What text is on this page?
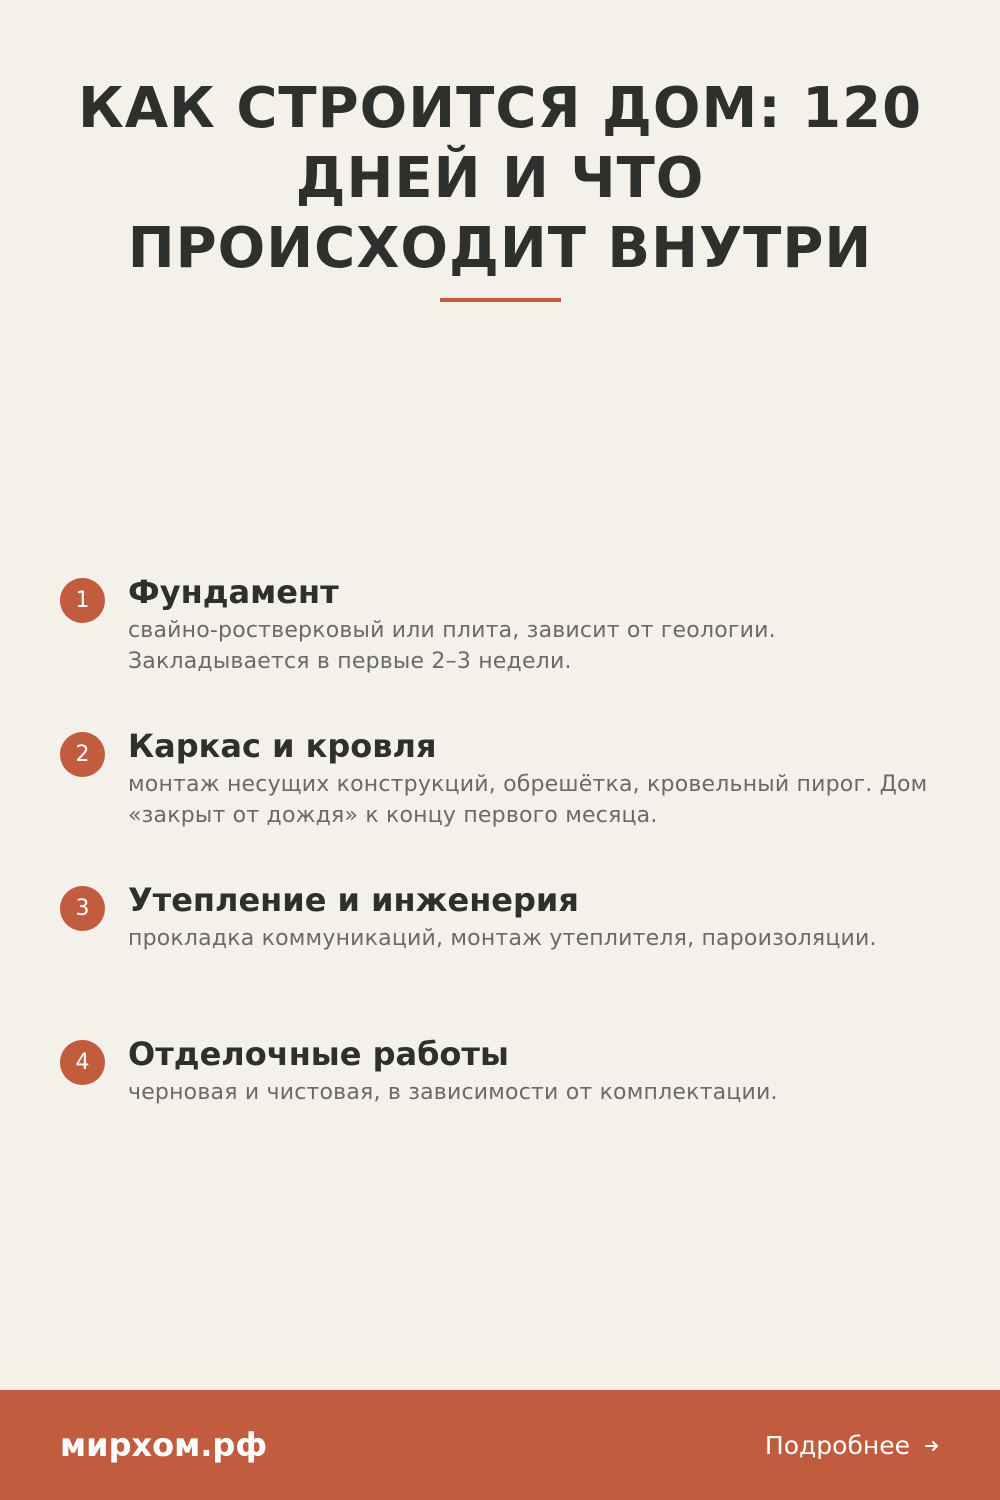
КАК СТРОИТСЯ ДОМ: 120 ДНЕЙ И ЧТО ПРОИСХОДИТ ВНУТРИ
1	Фундамент

свайно-ростверковый или плита, зависит от геологии. Закладывается в первые 2–3 недели.

2	Каркас и кровля

монтаж несущих конструкций, обрешётка, кровельный пирог. Дом «закрыт от дождя» к концу первого месяца.

3	Утепление и инженерия

прокладка коммуникаций, монтаж утеплителя, пароизоляции.

4	Отделочные работы

черновая и чистовая, в зависимости от комплектации.

мирхом.рф	Подробнее
